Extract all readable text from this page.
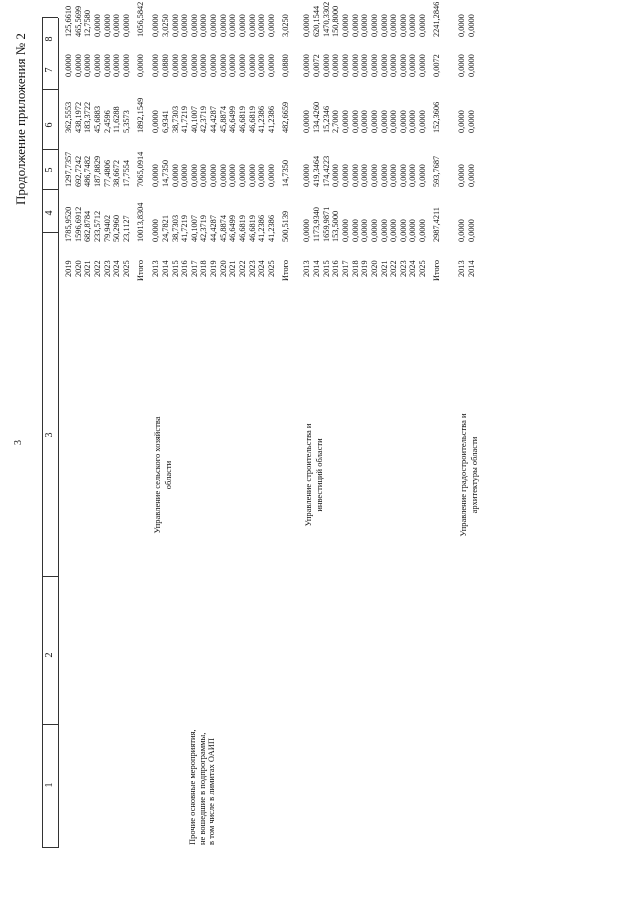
Продолжение приложения № 2
3
1
2
3
4
5
6
7
8
Прочие основные мероприятия, не вошедшие в подпрограммы, в том числе в лимитах ОАИП
2019
1785,9520
1297,7357
362,5553
0,0000
125,6610
2020
1596,6912
692,7242
438,1972
0,0000
465,5699
2021
682,8784
486,7482
183,3722
0,0000
12,7580
2022
233,5712
187,8829
45,6883
0,0000
0,0000
2023
79,9402
77,4806
2,4596
0,0000
0,0000
2024
50,2960
38,6672
11,6288
0,0000
0,0000
2025
23,1127
17,7554
5,3573
0,0000
0,0000
Итого
10013,8304
7065,0914
1892,1549
0,0000
1056,5842
Управление сельского хозяйства области
2013
0,0000
0,0000
0,0000
0,0000
0,0000
2014
24,7821
14,7350
6,9341
0,0880
3,0250
2015
38,7303
0,0000
38,7303
0,0000
0,0000
2016
41,7219
0,0000
41,7219
0,0000
0,0000
2017
40,1007
0,0000
40,1007
0,0000
0,0000
2018
42,3719
0,0000
42,3719
0,0000
0,0000
2019
44,4287
0,0000
44,4287
0,0000
0,0000
2020
45,8874
0,0000
45,8874
0,0000
0,0000
2021
46,6499
0,0000
46,6499
0,0000
0,0000
2022
46,6819
0,0000
46,6819
0,0000
0,0000
2023
46,6819
0,0000
46,6819
0,0000
0,0000
2024
41,2386
0,0000
41,2386
0,0000
0,0000
2025
41,2386
0,0000
41,2386
0,0000
0,0000
Итого
500,5139
14,7350
482,6659
0,0880
3,0250
Управление строительства и инвестиций области
2013
0,0000
0,0000
0,0000
0,0000
0,0000
2014
1173,9340
419,3464
134,4260
0,0072
620,1544
2015
1659,9871
174,4223
15,2346
0,0000
1470,3302
2016
153,5000
0,0000
2,7000
0,0000
150,8000
2017
0,0000
0,0000
0,0000
0,0000
0,0000
2018
0,0000
0,0000
0,0000
0,0000
0,0000
2019
0,0000
0,0000
0,0000
0,0000
0,0000
2020
0,0000
0,0000
0,0000
0,0000
0,0000
2021
0,0000
0,0000
0,0000
0,0000
0,0000
2022
0,0000
0,0000
0,0000
0,0000
0,0000
2023
0,0000
0,0000
0,0000
0,0000
0,0000
2024
0,0000
0,0000
0,0000
0,0000
0,0000
2025
0,0000
0,0000
0,0000
0,0000
0,0000
Итого
2987,4211
593,7687
152,3606
0,0072
2241,2846
Управление градостроительства и архитектуры области
2013
0,0000
0,0000
0,0000
0,0000
0,0000
2014
0,0000
0,0000
0,0000
0,0000
0,0000
